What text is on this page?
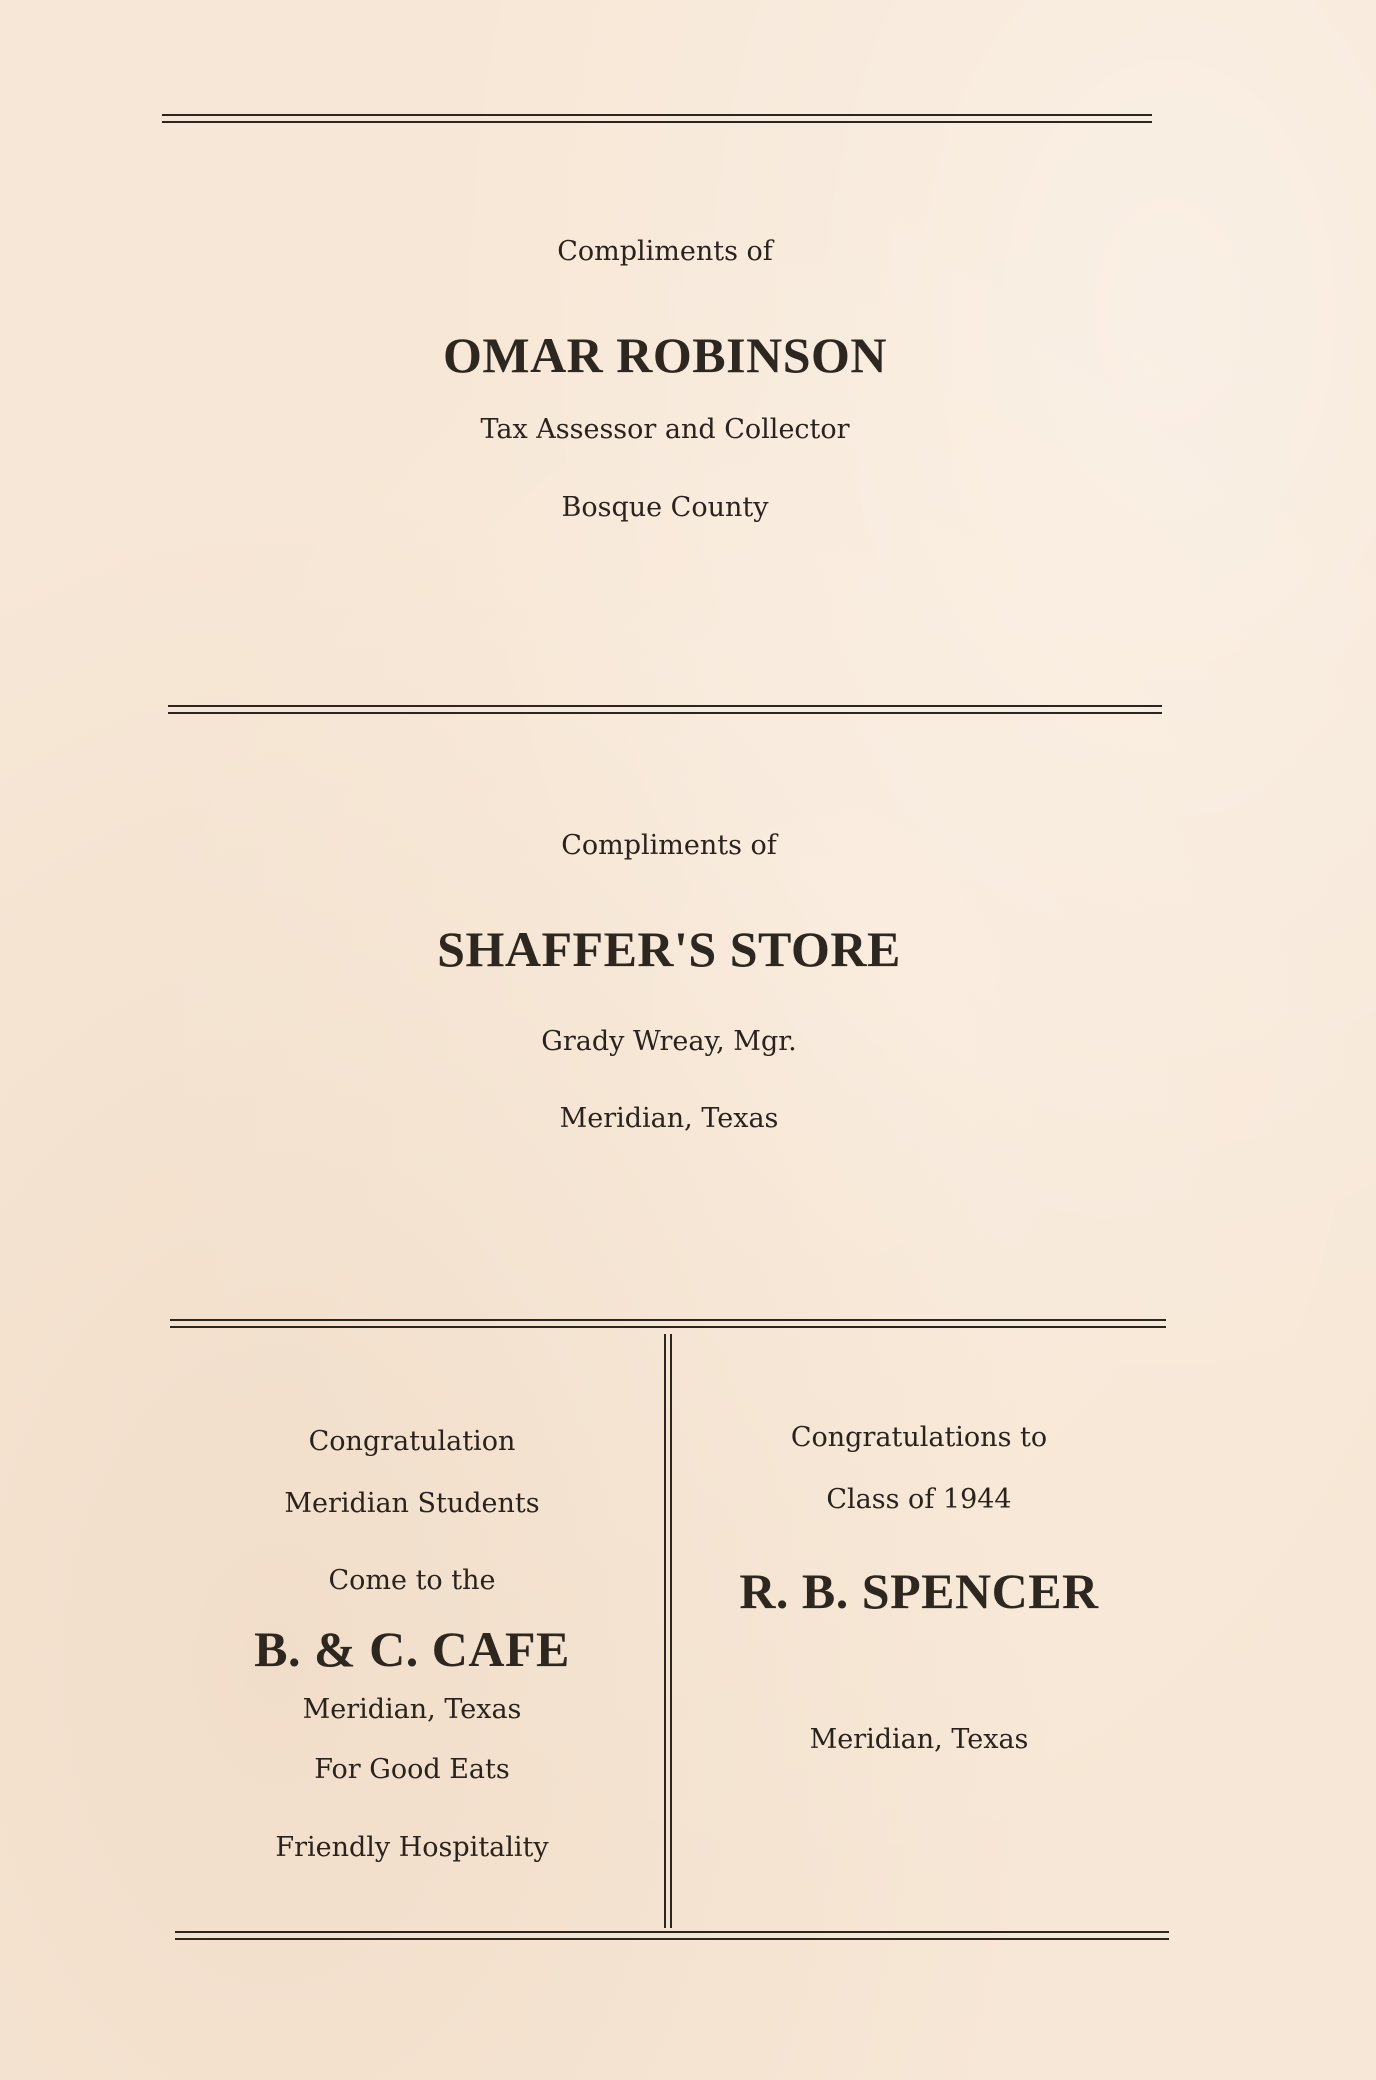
Compliments of
OMAR ROBINSON
Tax Assessor and Collector
Bosque County
Compliments of
SHAFFER'S STORE
Grady Wreay, Mgr.
Meridian, Texas
Congratulation
Meridian Students
Come to the
B. & C. CAFE
Meridian, Texas
For Good Eats
Friendly Hospitality
Congratulations to
Class of 1944
R. B. SPENCER
Meridian, Texas
